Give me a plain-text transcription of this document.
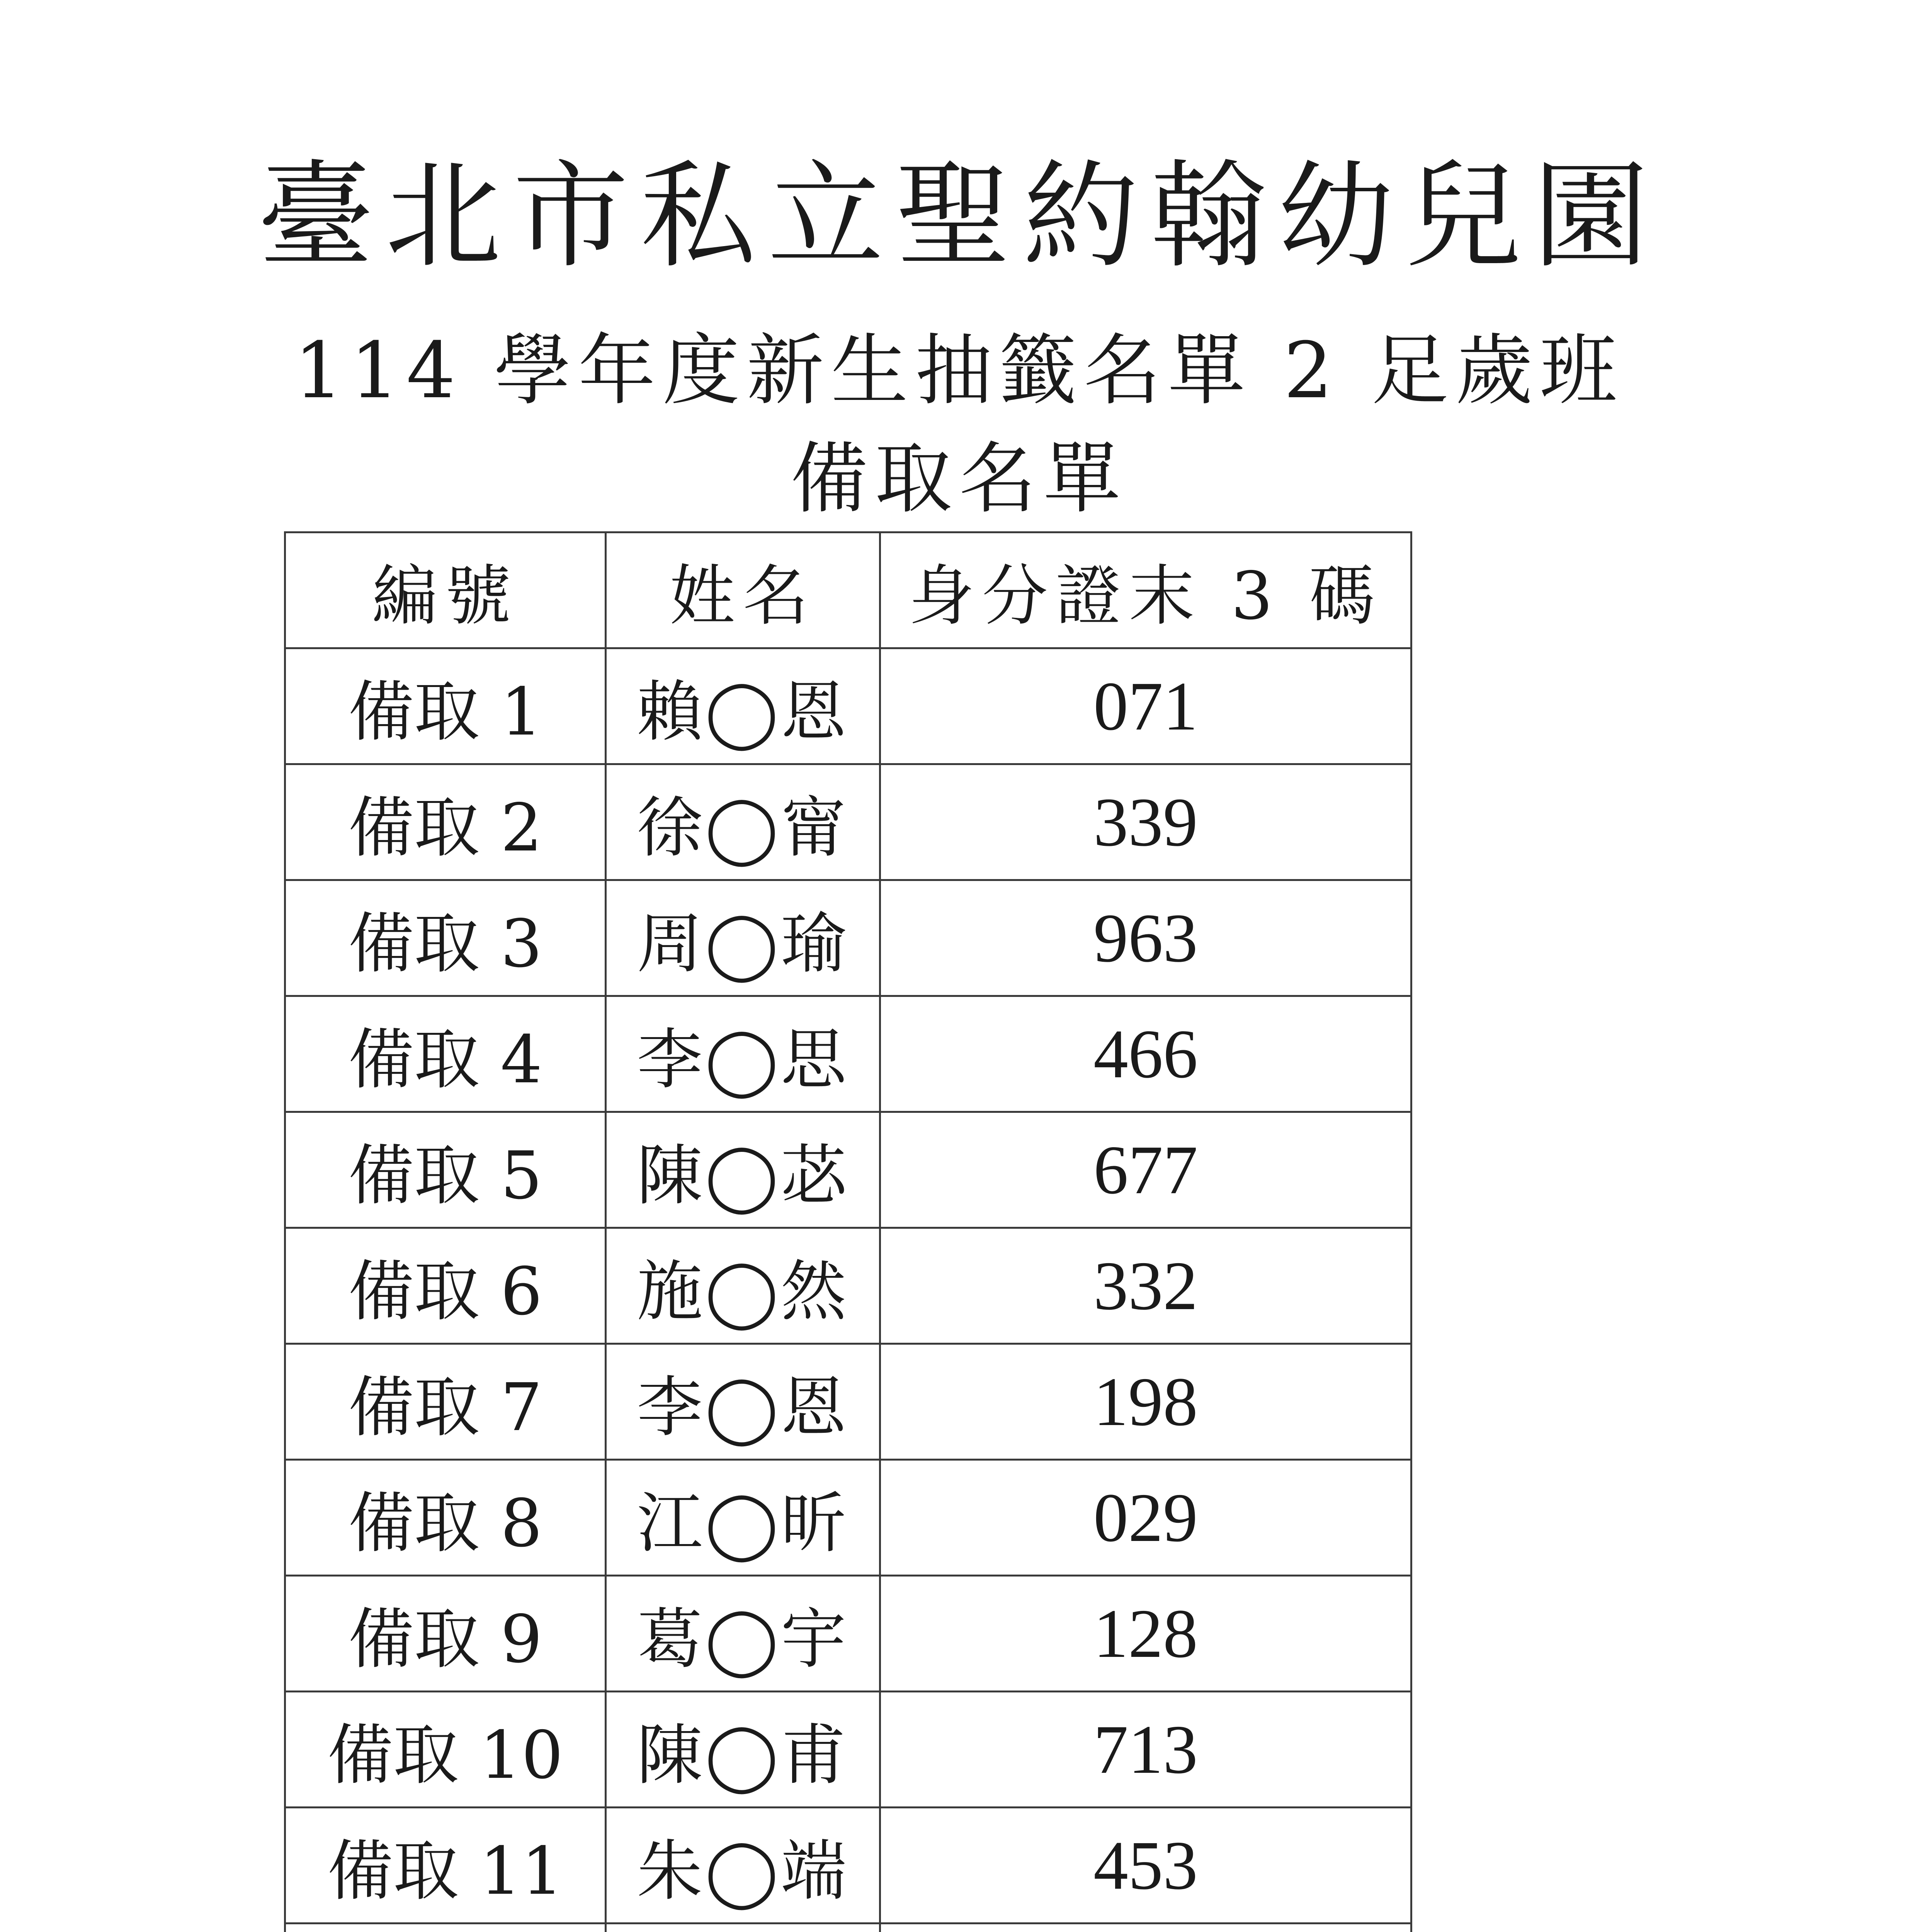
臺北市私立聖約翰幼兒園
114 學年度新生抽籤名單 2 足歲班
備取名單
編號	姓名	身分證末 3 碼
備取 1	賴◯恩	071
備取 2	徐◯甯	339
備取 3	周◯瑜	963
備取 4	李◯思	466
備取 5	陳◯苾	677
備取 6	施◯然	332
備取 7	李◯恩	198
備取 8	江◯昕	029
備取 9	葛◯宇	128
備取 10	陳◯甫	713
備取 11	朱◯端	453
